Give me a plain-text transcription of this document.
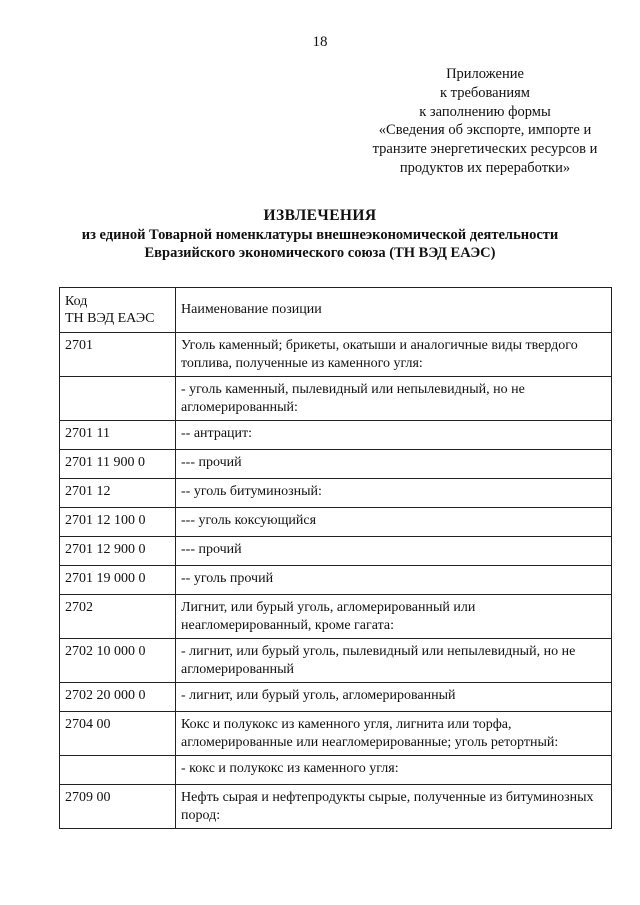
18
Приложение
к требованиям
к заполнению формы
«Сведения об экспорте, импорте и
транзите энергетических ресурсов и
продуктов их переработки»
ИЗВЛЕЧЕНИЯ
из единой Товарной номенклатуры внешнеэкономической деятельности
Евразийского экономического союза (ТН ВЭД ЕАЭС)
Код
ТН ВЭД ЕАЭС	Наименование позиции
2701	Уголь каменный; брикеты, окатыши и аналогичные виды твердого топлива, полученные из каменного угля:
	- уголь каменный, пылевидный или непылевидный, но не агломерированный:
2701 11	-- антрацит:
2701 11 900 0	--- прочий
2701 12	-- уголь битуминозный:
2701 12 100 0	--- уголь коксующийся
2701 12 900 0	--- прочий
2701 19 000 0	-- уголь прочий
2702	Лигнит, или бурый уголь, агломерированный или неагломерированный, кроме гагата:
2702 10 000 0	- лигнит, или бурый уголь, пылевидный или непылевидный, но не агломерированный
2702 20 000 0	- лигнит, или бурый уголь, агломерированный
2704 00	Кокс и полукокс из каменного угля, лигнита или торфа, агломерированные или неагломерированные; уголь ретортный:
	- кокс и полукокс из каменного угля:
2709 00	Нефть сырая и нефтепродукты сырые, полученные из битуминозных пород:
